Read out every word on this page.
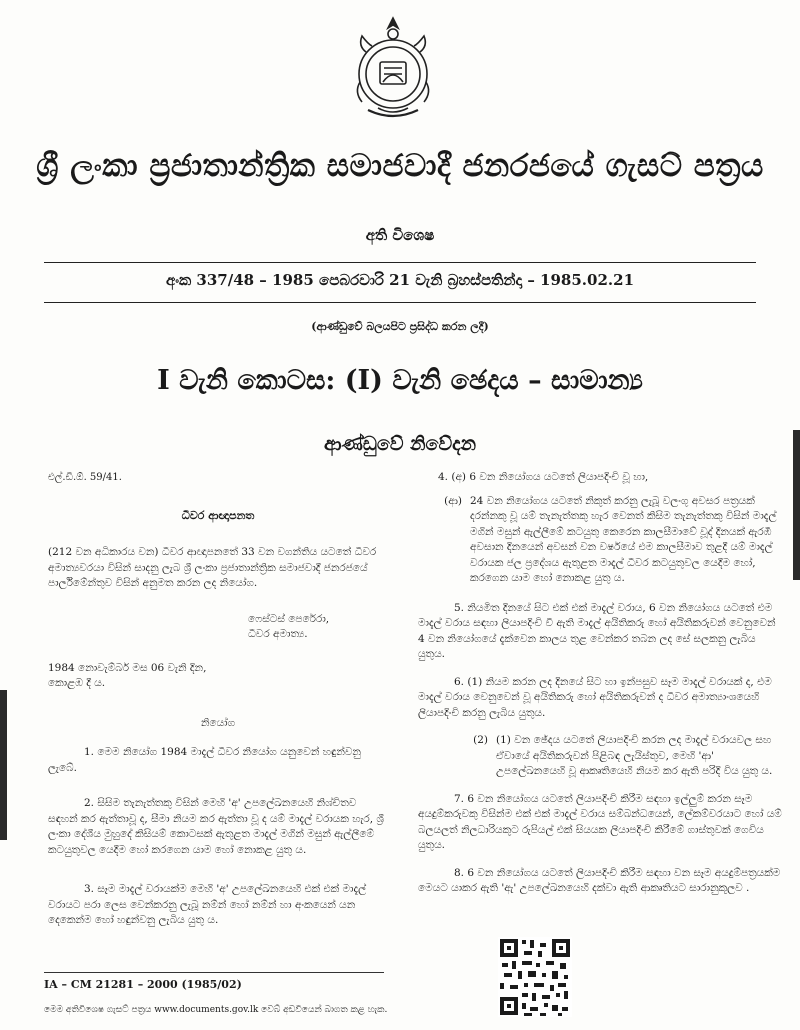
ශ්‍රී ලංකා ප්‍රජාතාන්ත්‍රික සමාජවාදී ජනරජයේ ගැසට් පත්‍රය
අති විශෙෂ
අංක 337/48 – 1985 පෙබරවාරි 21 වැනි බ්‍රහස්පතින්දා – 1985.02.21
(ආණ්ඩුවේ බලයපිට ප්‍රසිද්ධ කරන ලදී)
I වැනි කොටස: (I) වැනි ඡෙදය – සාමාන්‍ය
ආණ්ඩුවේ නිවේදන

එල්.ඩී.ඕ. 59/41.

ධීවර ආඥාපනත

(212 වන අධිකාරය වන) ධීවර ආඥාපනතේ 33 වන වගන්තිය යටතේ ධීවර අමාත්‍යවරයා විසින් සාදනු ලැබ ශ්‍රී ලංකා ප්‍රජාතාන්ත්‍රික සමාජවාදී ජනරජයේ පාර්ලිමේන්තුව විසින් අනුමත කරන ලද නියෝග.

ෆෙස්ටස් පෙරේරා,

ධීවර අමාත්‍ය.

1984 නොවැම්බර් මස 06 වැනි දින,

කොළඹ දී ය.

නියෝග

1. මෙම නියෝග 1984 මාදැල් ධීවර නියෝග යනුවෙන් හඳුන්වනු ලැබේ.

2. සිසිම තැනැත්තකු විසින් මෙහි 'අ' උපලේඛනයෙහි නිශ්චිතව සඳහන් කර ඇත්තාවූ ද, සීමා නියම කර ඇත්තා වූ ද යම් මාදැල් වරායක හැර, ශ්‍රී ලංකා දේශීය මුහුදේ කිසියම් කොටසක් ඇතුළත මාදැල් මගින් මසුන් ඇල්ලීමේ කටයුතුවල යෙදීම හෝ කරගෙන යාම හෝ නොකළ යුතු ය.

3. සෑම මාදැල් වරායක්ම මෙහි 'අ' උපලේඛනයෙහි එක් එක් මාදැල් වරායට පරා ලෙස වෙන්කරනු ලැබූ නම්න් හෝ නම්න් හා අංකයෙන් යන දෙකෙන්ම හෝ හඳුන්වනු ලැබිය යුතු ය.

4. (අ) 6 වන නියෝගය යටතේ ලියාපදිංචි වූ හා,

(ආ) 24 වන නියෝගය යටතේ නිකුත් කරනු ලැබූ වලංගු අවසර පත්‍රයක් දරන්නකු වූ යම් තැනැත්තකු හැර වෙනත් කිසිම තැනැත්තකු විසින් මාදැල් මගින් මසුන් ඇල්ලීමේ කටයුතු කෙරෙන කාලසීමාවේ වූද් දිනයක් ඇරඹී අවසාන දිනයෙන් අවසන් වන වර්ෂයේ එම කාලසීමාව තුළදී යම් මාදැල් වරායක ජල ප්‍රදේශය ඇතුළත මාදැල් ධීවර කටයුතුවල යෙදීම හෝ, කරගෙන යාම හෝ නොකළ යුතු ය.

5. නියමිත දිනයේ සිට එක් එක් මාදැල් වරාය, 6 වන නියෝගය යටතේ එම මාදැල් වරාය සඳහා ලියාපදිංචි වී ඇති මාදැල් අයිතිකරු හෝ අයිතිකරුවන් වෙනුවෙන් 4 වන නියෝගයේ දැක්වෙන කාලය තුළ වෙන්කර තබන ලද සේ සලකනු ලැබිය යුතුය.

6. (1) නියම කරන ලද දිනයේ සිට හා ඉන්පසුව සෑම මාදැල් වරායක් ද, එම මාදැල් වරාය වෙනුවෙන් වූ අයිතිකරු හෝ අයිතිකරුවන් ද ධීවර අමාත්‍යාංශයෙහි ලියාපදිංචි කරනු ලැබිය යුතුය.

(2) (1) වන ඡේදය යටතේ ලියාපදිංචි කරන ලද මාදැල් වරායවල සහ ඒවායේ අයිතිකරුවන් පිළිබඳ ලැයිස්තුව, මෙහි 'ආ' උපලේඛනයෙහි වූ ආකෘතියෙහි නියම කර ඇති පරිදි විය යුතු ය.

7. 6 වන නියෝගය යටතේ ලියාපදිංචි කිරීම සඳහා ඉල්ලුම් කරන සෑම අයදුම්කරුවකු විසින්ම එක් එක් මාදැල් වරාය සම්බන්ධයෙන්, ලේකම්වරයාට හෝ යම් බලයලත් නිලධාරියකුට රුපියල් එක් සියයක ලියාපදිංචි කිරීමේ ගාස්තුවක් ගෙවිය යුතුය.

8. 6 වන නියෝගය යටතේ ලියාපදිංචි කිරීම සඳහා වන සෑම අයදුම්පත්‍රයක්ම මෙයට යාකර ඇති 'ඇ' උපලේඛනයෙහි දක්වා ඇති ආකෘතියට සාරානුකූලව .

IA – CM 21281 – 2000 (1985/02)
මෙම අතිවිශෙෂ ගැසට් පත්‍රය www.documents.gov.lk වෙබ් අඩවියෙන් බාගත කළ හැක.
